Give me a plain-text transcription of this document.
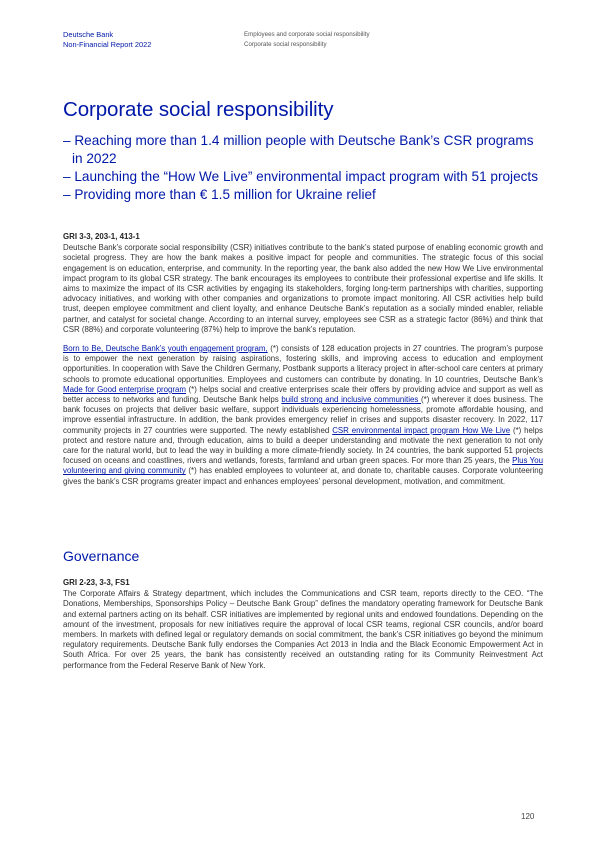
Deutsche Bank
Non-Financial Report 2022
Employees and corporate social responsibility
Corporate social responsibility
Corporate social responsibility
– Reaching more than 1.4 million people with Deutsche Bank’s CSR programs in 2022
– Launching the “How We Live” environmental impact program with 51 projects
– Providing more than € 1.5 million for Ukraine relief
GRI 3-3, 203-1, 413-1

Deutsche Bank’s corporate social responsibility (CSR) initiatives contribute to the bank’s stated purpose of enabling economic growth and societal progress. They are how the bank makes a positive impact for people and communities. The strategic focus of this social engagement is on education, enterprise, and community. In the reporting year, the bank also added the new How We Live environmental impact program to its global CSR strategy. The bank encourages its employees to contribute their professional expertise and life skills. It aims to maximize the impact of its CSR activities by engaging its stakeholders, forging long-term partnerships with charities, supporting advocacy initiatives, and working with other companies and organizations to promote impact monitoring. All CSR activities help build trust, deepen employee commitment and client loyalty, and enhance Deutsche Bank’s reputation as a socially minded enabler, reliable partner, and catalyst for societal change. According to an internal survey, employees see CSR as a strategic factor (86%) and think that CSR (88%) and corporate volunteering (87%) help to improve the bank’s reputation.

Born to Be, Deutsche Bank’s youth engagement program, (*) consists of 128 education projects in 27 countries. The program’s purpose is to empower the next generation by raising aspirations, fostering skills, and improving access to education and employment opportunities. In cooperation with Save the Children Germany, Postbank supports a literacy project in after-school care centers at primary schools to promote educational opportunities. Employees and customers can contribute by donating. In 10 countries, Deutsche Bank’s Made for Good enterprise program (*) helps social and creative enterprises scale their offers by providing advice and support as well as better access to networks and funding. Deutsche Bank helps build strong and inclusive communities (*) wherever it does business. The bank focuses on projects that deliver basic welfare, support individuals experiencing homelessness, promote affordable housing, and improve essential infrastructure. In addition, the bank provides emergency relief in crises and supports disaster recovery. In 2022, 117 community projects in 27 countries were supported. The newly established CSR environmental impact program How We Live (*) helps protect and restore nature and, through education, aims to build a deeper understanding and motivate the next generation to not only care for the natural world, but to lead the way in building a more climate-friendly society. In 24 countries, the bank supported 51 projects focused on oceans and coastlines, rivers and wetlands, forests, farmland and urban green spaces. For more than 25 years, the Plus You volunteering and giving community (*) has enabled employees to volunteer at, and donate to, charitable causes. Corporate volunteering gives the bank’s CSR programs greater impact and enhances employees’ personal development, motivation, and commitment.

Governance
GRI 2-23, 3-3, FS1

The Corporate Affairs & Strategy department, which includes the Communications and CSR team, reports directly to the CEO. “The Donations, Memberships, Sponsorships Policy – Deutsche Bank Group” defines the mandatory operating framework for Deutsche Bank and external partners acting on its behalf. CSR initiatives are implemented by regional units and endowed foundations. Depending on the amount of the investment, proposals for new initiatives require the approval of local CSR teams, regional CSR councils, and/or board members. In markets with defined legal or regulatory demands on social commitment, the bank’s CSR initiatives go beyond the minimum regulatory requirements. Deutsche Bank fully endorses the Companies Act 2013 in India and the Black Economic Empowerment Act in South Africa. For over 25 years, the bank has consistently received an outstanding rating for its Community Reinvestment Act performance from the Federal Reserve Bank of New York.

120
